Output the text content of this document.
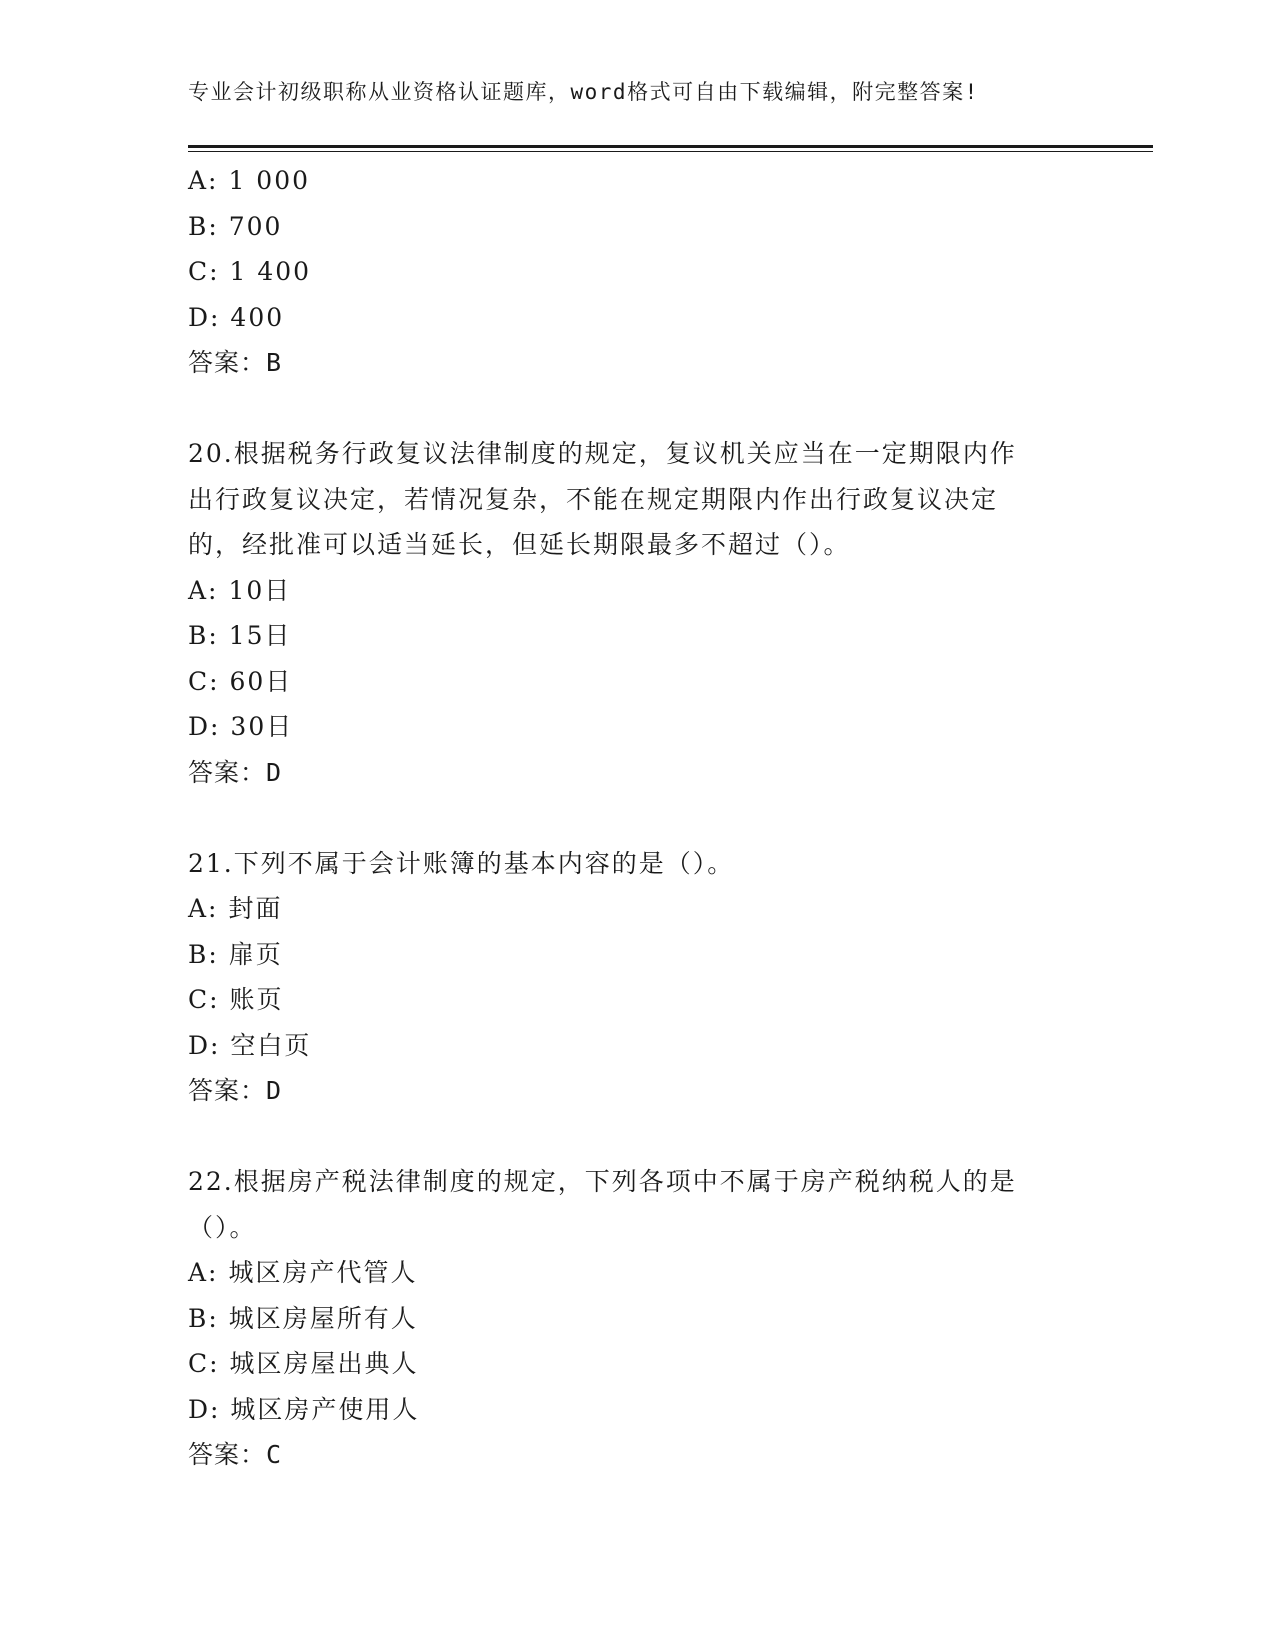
专业会计初级职称从业资格认证题库，word格式可自由下载编辑，附完整答案!
A: 1 000
B: 700
C: 1 400
D: 400
答案：B
20.根据税务行政复议法律制度的规定，复议机关应当在一定期限内作
出行政复议决定，若情况复杂，不能在规定期限内作出行政复议决定
的，经批准可以适当延长，但延长期限最多不超过（）。
A: 10日
B: 15日
C: 60日
D: 30日
答案：D
21.下列不属于会计账簿的基本内容的是（）。
A: 封面
B: 扉页
C: 账页
D: 空白页
答案：D
22.根据房产税法律制度的规定，下列各项中不属于房产税纳税人的是
（）。
A: 城区房产代管人
B: 城区房屋所有人
C: 城区房屋出典人
D: 城区房产使用人
答案：C
